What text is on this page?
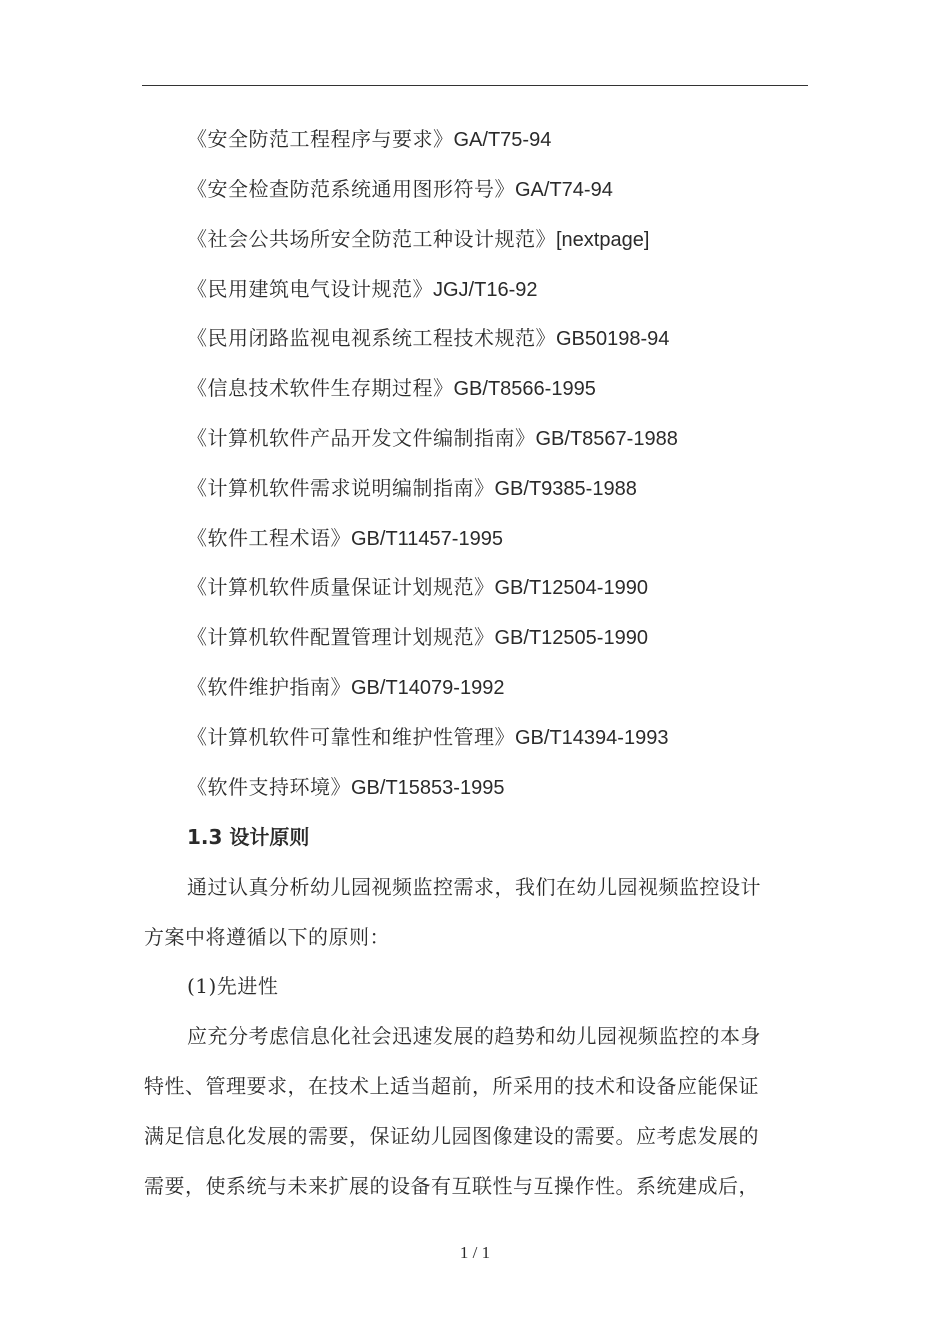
《安全防范工程程序与要求》GA/T75-94
《安全检查防范系统通用图形符号》GA/T74-94
《社会公共场所安全防范工种设计规范》[nextpage]
《民用建筑电气设计规范》JGJ/T16-92
《民用闭路监视电视系统工程技术规范》GB50198-94
《信息技术软件生存期过程》GB/T8566-1995
《计算机软件产品开发文件编制指南》GB/T8567-1988
《计算机软件需求说明编制指南》GB/T9385-1988
《软件工程术语》GB/T11457-1995
《计算机软件质量保证计划规范》GB/T12504-1990
《计算机软件配置管理计划规范》GB/T12505-1990
《软件维护指南》GB/T14079-1992
《计算机软件可靠性和维护性管理》GB/T14394-1993
《软件支持环境》GB/T15853-1995
1.3 设计原则
通过认真分析幼儿园视频监控需求，我们在幼儿园视频监控设计
方案中将遵循以下的原则：
(1)先进性
应充分考虑信息化社会迅速发展的趋势和幼儿园视频监控的本身
特性、管理要求，在技术上适当超前，所采用的技术和设备应能保证
满足信息化发展的需要，保证幼儿园图像建设的需要。应考虑发展的
需要，使系统与未来扩展的设备有互联性与互操作性。系统建成后，
1 / 1
